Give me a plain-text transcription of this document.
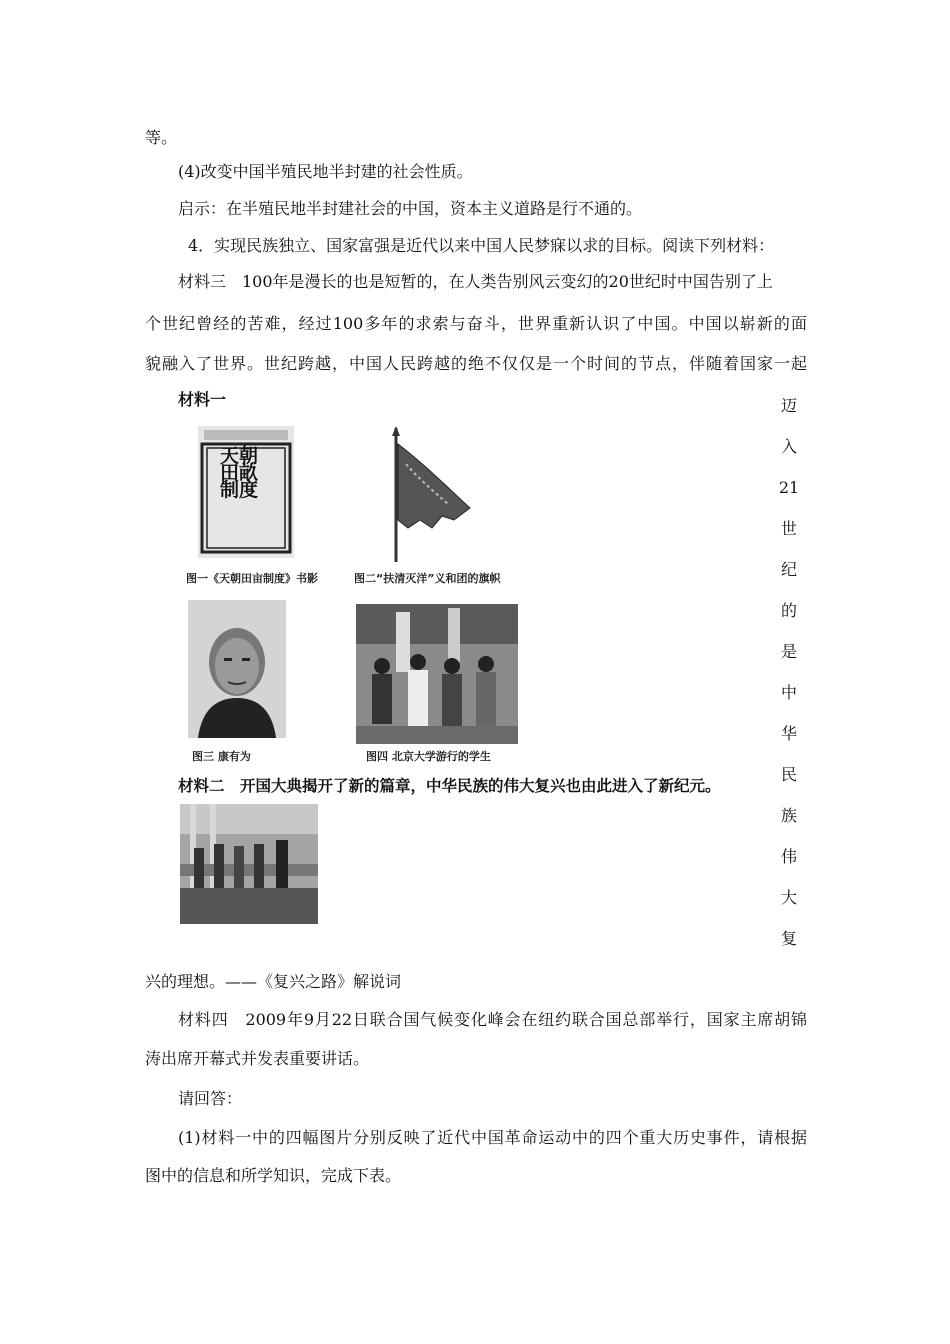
等。
(4)改变中国半殖民地半封建的社会性质。
启示：在半殖民地半封建社会的中国，资本主义道路是行不通的。
4．实现民族独立、国家富强是近代以来中国人民梦寐以求的目标。阅读下列材料：
材料三　100年是漫长的也是短暂的，在人类告别风云变幻的20世纪时中国告别了上
个世纪曾经的苦难，经过100多年的求索与奋斗，世界重新认识了中国。中国以崭新的面
貌融入了世界。世纪跨越，中国人民跨越的绝不仅仅是一个时间的节点，伴随着国家一起
迈
入
21
世
纪
的
是
中
华
民
族
伟
大
复
材料一
天朝田畝制度
图一《天朝田亩制度》书影	图二“扶清灭洋”义和团的旗帜
图三 康有为	图四 北京大学游行的学生
材料二　开国大典揭开了新的篇章，中华民族的伟大复兴也由此进入了新纪元。
兴的理想。——《复兴之路》解说词
材料四　2009年9月22日联合国气候变化峰会在纽约联合国总部举行，国家主席胡锦
涛出席开幕式并发表重要讲话。
请回答：
(1)材料一中的四幅图片分别反映了近代中国革命运动中的四个重大历史事件，请根据
图中的信息和所学知识，完成下表。
